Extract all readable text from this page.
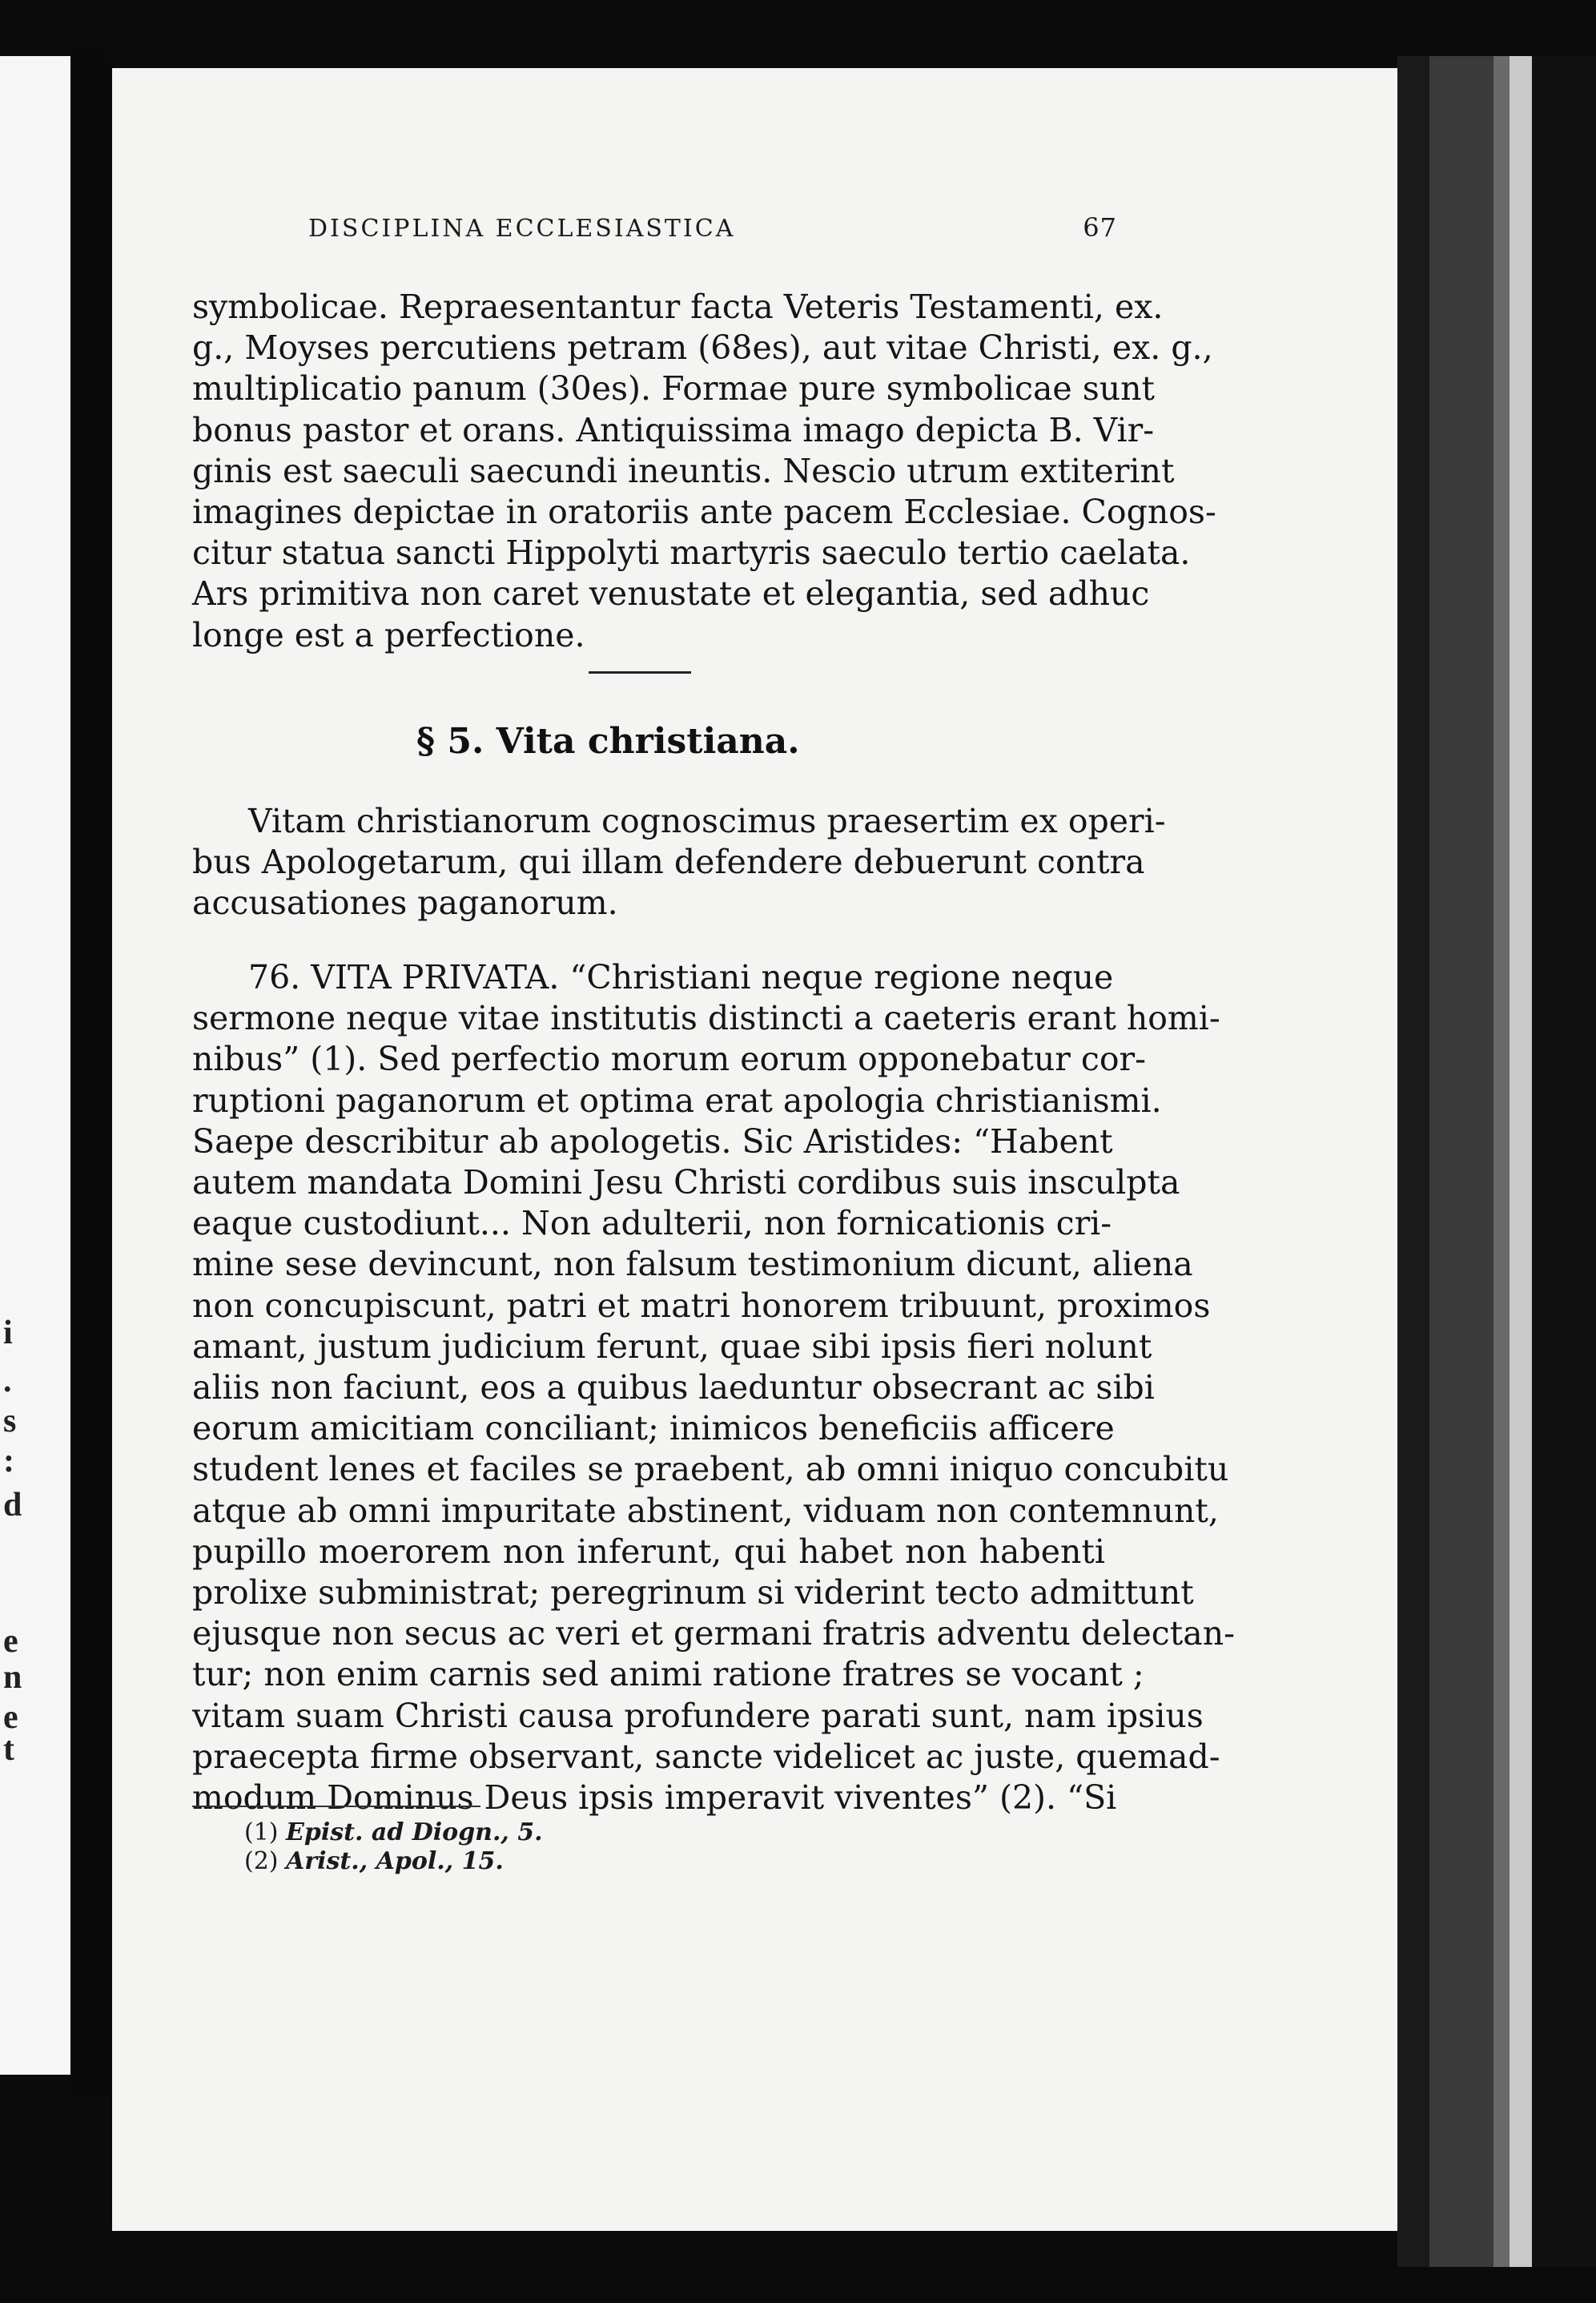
i
.
s
:
d
e
n
e
t
DISCIPLINA ECCLESIASTICA	67
symbolicae. Repraesentantur facta Veteris Testamenti, ex.
g., Moyses percutiens petram (68es), aut vitae Christi, ex. g.,
multiplicatio panum (30es). Formae pure symbolicae sunt
bonus pastor et orans. Antiquissima imago depicta B. Vir-
ginis est saeculi saecundi ineuntis. Nescio utrum extiterint
imagines depictae in oratoriis ante pacem Ecclesiae. Cognos-
citur statua sancti Hippolyti martyris saeculo tertio caelata.
Ars primitiva non caret venustate et elegantia, sed adhuc
longe est a perfectione.
§ 5. Vita christiana.
Vitam christianorum cognoscimus praesertim ex operi-
bus Apologetarum, qui illam defendere debuerunt contra
accusationes paganorum.
76. VITA PRIVATA. “Christiani neque regione neque
sermone neque vitae institutis distincti a caeteris erant homi-
nibus” (1). Sed perfectio morum eorum opponebatur cor-
ruptioni paganorum et optima erat apologia christianismi.
Saepe describitur ab apologetis. Sic Aristides: “Habent
autem mandata Domini Jesu Christi cordibus suis insculpta
eaque custodiunt... Non adulterii, non fornicationis cri-
mine sese devincunt, non falsum testimonium dicunt, aliena
non concupiscunt, patri et matri honorem tribuunt, proximos
amant, justum judicium ferunt, quae sibi ipsis fieri nolunt
aliis non faciunt, eos a quibus laeduntur obsecrant ac sibi
eorum amicitiam conciliant; inimicos beneficiis afficere
student lenes et faciles se praebent, ab omni iniquo concubitu
atque ab omni impuritate abstinent, viduam non contemnunt,
pupillo moerorem non inferunt, qui habet non habenti
prolixe subministrat; peregrinum si viderint tecto admittunt
ejusque non secus ac veri et germani fratris adventu delectan-
tur; non enim carnis sed animi ratione fratres se vocant ;
vitam suam Christi causa profundere parati sunt, nam ipsius
praecepta firme observant, sancte videlicet ac juste, quemad-
modum Dominus Deus ipsis imperavit viventes” (2). “Si
(1) Epist. ad Diogn., 5.
(2) Arist., Apol., 15.
